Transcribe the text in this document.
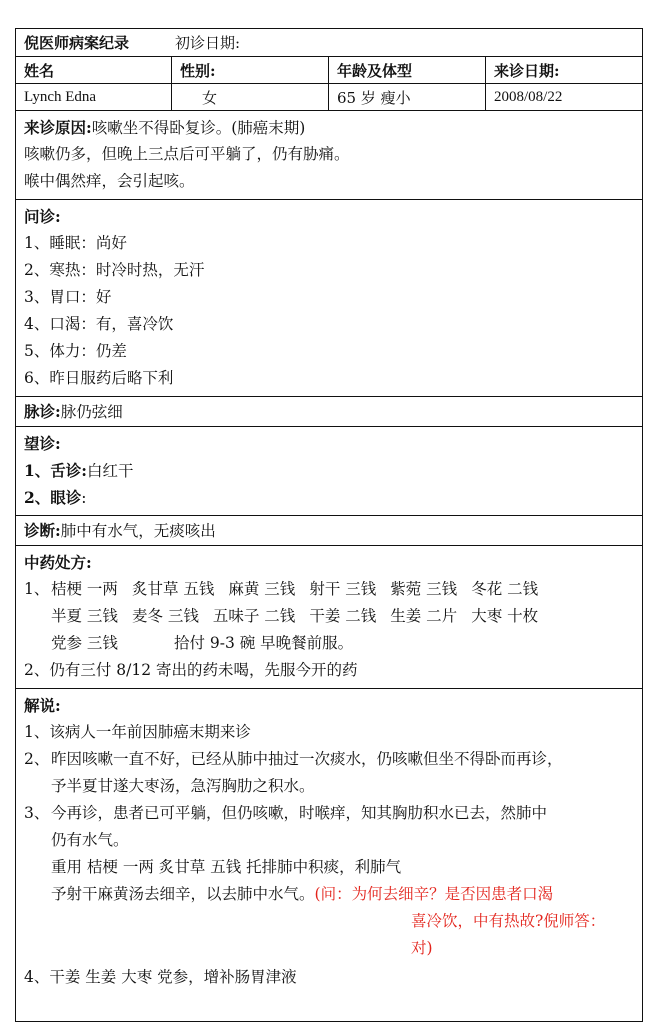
倪医师病案纪录	初诊日期:
姓名	性别:	年龄及体型	来诊日期:
Lynch Edna	女	65 岁 瘦小	2008/08/22
来诊原因:咳嗽坐不得卧复诊。(肺癌末期)
咳嗽仍多，但晚上三点后可平躺了，仍有胁痛。
喉中偶然痒，会引起咳。
问诊:
1、睡眠：尚好
2、寒热：时冷时热，无汗
3、胃口：好
4、口渴：有，喜冷饮
5、体力：仍差
6、昨日服药后略下利
脉诊:脉仍弦细
望诊:
1、舌诊:白红干
2、眼诊:
诊断:肺中有水气，无痰咳出
中药处方:
1、 桔梗 一两 炙甘草 五钱 麻黄 三钱 射干 三钱 紫菀 三钱 冬花 二钱
半夏 三钱 麦冬 三钱 五味子 二钱 干姜 二钱 生姜 二片 大枣 十枚
党参 三钱	拾付 9-3 碗 早晚餐前服。
2、仍有三付 8/12 寄出的药未喝，先服今开的药
解说:
1、该病人一年前因肺癌末期来诊
2、 昨因咳嗽一直不好，已经从肺中抽过一次痰水，仍咳嗽但坐不得卧而再诊，
予半夏甘遂大枣汤，急泻胸肋之积水。
3、 今再诊，患者已可平躺，但仍咳嗽，时喉痒，知其胸肋积水已去，然肺中
仍有水气。
重用 桔梗 一两 炙甘草 五钱 托排肺中积痰，利肺气
予射干麻黄汤去细辛，以去肺中水气。(问：为何去细辛？是否因患者口渴
喜冷饮，中有热故?倪师答：
对)
4、干姜 生姜 大枣 党参，增补肠胃津液
